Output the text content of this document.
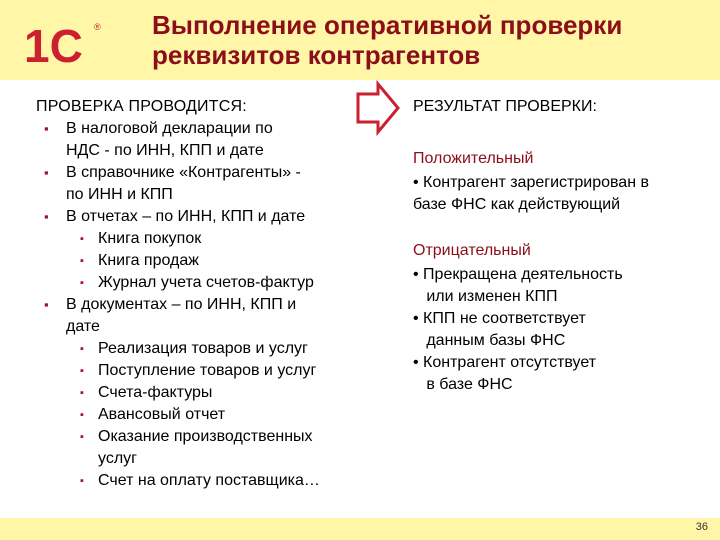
1С ® Выполнение оперативной проверки
реквизитов контрагентов
ПРОВЕРКА ПРОВОДИТСЯ:
▪ В налоговой декларации по
НДС - по ИНН, КПП и дате
▪ В справочнике «Контрагенты» -
по ИНН и КПП
▪ В отчетах – по ИНН, КПП и дате
▪ Книга покупок
▪ Книга продаж
▪ Журнал учета счетов-фактур
▪ В документах – по ИНН, КПП и
дате
▪ Реализация товаров и услуг
▪ Поступление товаров и услуг
▪ Счета-фактуры
▪ Авансовый отчет
▪ Оказание производственных
услуг
▪ Счет на оплату поставщика…
РЕЗУЛЬТАТ ПРОВЕРКИ:
Положительный
• Контрагент зарегистрирован в
базе ФНС как действующий
Отрицательный
• Прекращена деятельность
или изменен КПП
• КПП не соответствует
данным базы ФНС
• Контрагент отсутствует
в базе ФНС
36
